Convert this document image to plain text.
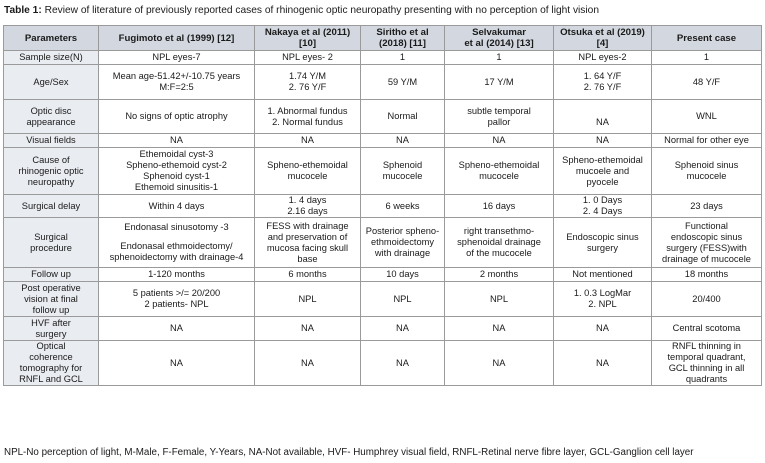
Table 1: Review of literature of previously reported cases of rhinogenic optic neuropathy presenting with no perception of light vision
Parameters	Fugimoto et al (1999) [12]	Nakaya et al (2011)
[10]	Siritho et al
(2018) [11]	Selvakumar
et al (2014) [13]	Otsuka et al (2019)
[4]	Present case

Sample size(N)	NPL eyes-7	NPL eyes- 2	1	1	NPL eyes-2	1

Age/Sex	Mean age-51.42+/-10.75 years
M:F=2:5	1.74 Y/M
2. 76 Y/F	59 Y/M	17 Y/M	1. 64 Y/F
2. 76 Y/F	48 Y/F

Optic disc
appearance	No signs of optic atrophy	1. Abnormal fundus
2. Normal fundus	Normal	subtle temporal
pallor	NA	WNL

Visual fields	NA	NA	NA	NA	NA	Normal for other eye

Cause of
rhinogenic optic
neuropathy	Ethemoidal cyst-3
Spheno-ethemoid cyst-2
Sphenoid cyst-1
Ethemoid sinusitis-1	Spheno-ethemoidal
mucocele	Sphenoid
mucocele	Spheno-ethemoidal
mucocele	Spheno-ethemoidal
mucoele and
pyocele	Sphenoid sinus
mucocele

Surgical delay	Within 4 days	1. 4 days
2.16 days	6 weeks	16 days	1. 0 Days
2. 4 Days	23 days

Surgical
procedure	Endonasal sinusotomy -3
Endonasal ethmoidectomy/
sphenoidectomy with drainage-4	FESS with drainage
and preservation of
mucosa facing skull
base	Posterior spheno-
ethmoidectomy
with drainage	right transethmo-
sphenoidal drainage
of the mucocele	Endoscopic sinus
surgery	Functional
endoscopic sinus
surgery (FESS)with
drainage of mucocele

Follow up	1-120 months	6 months	10 days	2 months	Not mentioned	18 months

Post operative
vision at final
follow up	5 patients >/= 20/200
2 patients- NPL	NPL	NPL	NPL	1. 0.3 LogMar
2. NPL	20/400

HVF after
surgery	NA	NA	NA	NA	NA	Central scotoma

Optical
coherence
tomography for
RNFL and GCL	NA	NA	NA	NA	NA	RNFL thinning in
temporal quadrant,
GCL thinning in all
quadrants
NPL-No perception of light, M-Male, F-Female, Y-Years, NA-Not available, HVF- Humphrey visual field, RNFL-Retinal nerve fibre layer, GCL-Ganglion cell layer
